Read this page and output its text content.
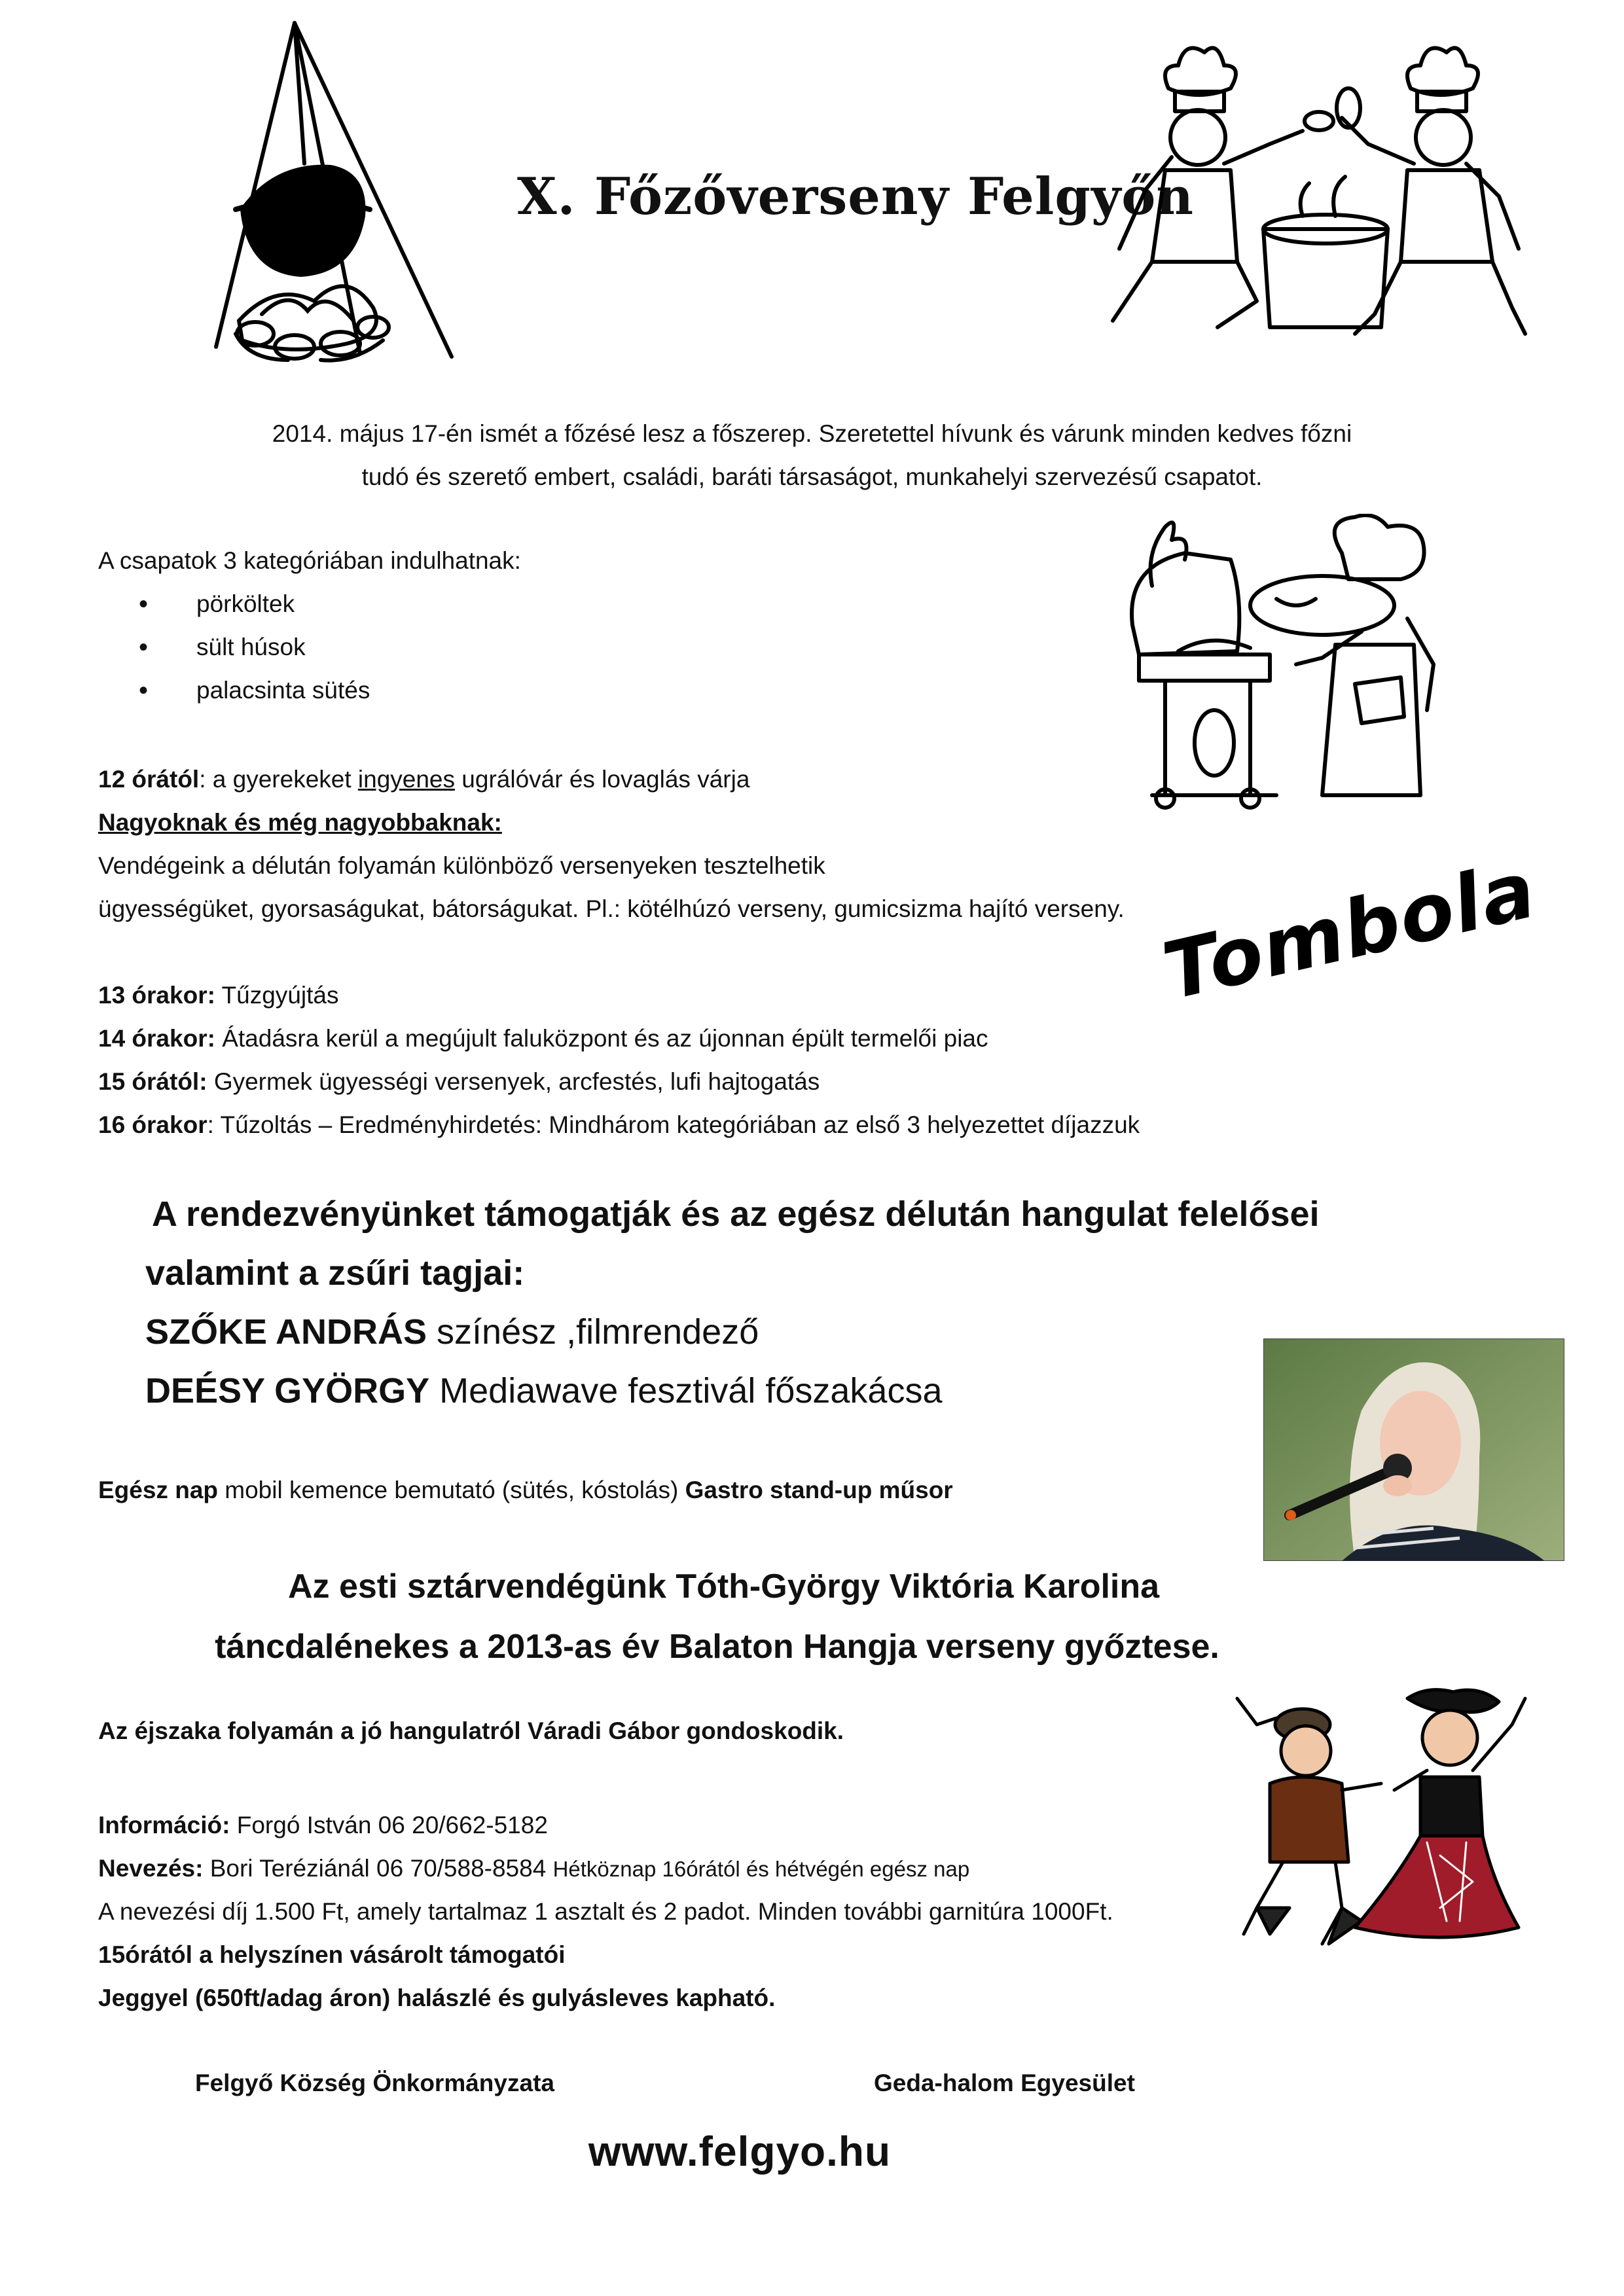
X. Főzőverseny Felgyőn
2014. május 17-én ismét a főzésé lesz a főszerep. Szeretettel hívunk és várunk minden kedves főzni
tudó és szerető embert, családi, baráti társaságot, munkahelyi szervezésű csapatot.
A csapatok 3 kategóriában indulhatnak:
• pörköltek
• sült húsok
• palacsinta sütés
12 órától: a gyerekeket ingyenes ugrálóvár és lovaglás várja
Nagyoknak és még nagyobbaknak:
Vendégeink a délután folyamán különböző versenyeken tesztelhetik
ügyességüket, gyorsaságukat, bátorságukat. Pl.: kötélhúzó verseny, gumicsizma hajító verseny.
13 órakor: Tűzgyújtás
14 órakor: Átadásra kerül a megújult faluközpont és az újonnan épült termelői piac
15 órától: Gyermek ügyességi versenyek, arcfestés, lufi hajtogatás
16 órakor: Tűzoltás – Eredményhirdetés: Mindhárom kategóriában az első 3 helyezettet díjazzuk
Tombola
A rendezvényünket támogatják és az egész délután hangulat felelősei
valamint a zsűri tagjai:
SZŐKE ANDRÁS színész ,filmrendező
DEÉSY GYÖRGY Mediawave fesztivál főszakácsa
Egész nap mobil kemence bemutató (sütés, kóstolás) Gastro stand-up műsor
Az esti sztárvendégünk Tóth-György Viktória Karolina
táncdalénekes a 2013-as év Balaton Hangja verseny győztese.
Az éjszaka folyamán a jó hangulatról Váradi Gábor gondoskodik.
Információ: Forgó István 06 20/662-5182
Nevezés: Bori Teréziánál 06 70/588-8584 Hétköznap 16órától és hétvégén egész nap
A nevezési díj 1.500 Ft, amely tartalmaz 1 asztalt és 2 padot. Minden további garnitúra 1000Ft.
15órától a helyszínen vásárolt támogatói
Jeggyel (650ft/adag áron) halászlé és gulyásleves kapható.
Felgyő Község Önkormányzata	Geda-halom Egyesület
www.felgyo.hu
